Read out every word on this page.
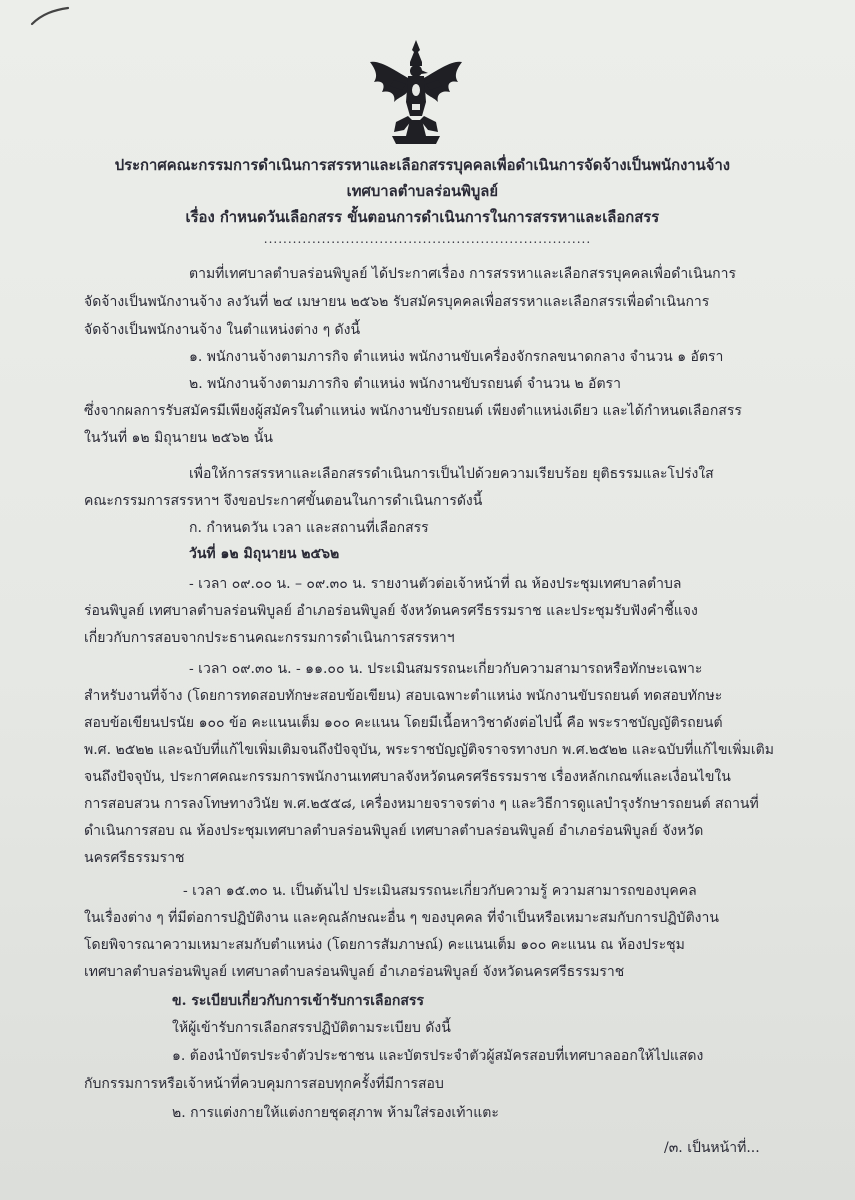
ประกาศคณะกรรมการดำเนินการสรรหาและเลือกสรรบุคคลเพื่อดำเนินการจัดจ้างเป็นพนักงานจ้าง
เทศบาลตำบลร่อนพิบูลย์
เรื่อง กำหนดวันเลือกสรร ขั้นตอนการดำเนินการในการสรรหาและเลือกสรร
....................................................................
ตามที่เทศบาลตำบลร่อนพิบูลย์ ได้ประกาศเรื่อง การสรรหาและเลือกสรรบุคคลเพื่อดำเนินการ
จัดจ้างเป็นพนักงานจ้าง ลงวันที่ ๒๔ เมษายน ๒๕๖๒ รับสมัครบุคคลเพื่อสรรหาและเลือกสรรเพื่อดำเนินการ
จัดจ้างเป็นพนักงานจ้าง ในตำแหน่งต่าง ๆ ดังนี้
๑. พนักงานจ้างตามภารกิจ ตำแหน่ง พนักงานขับเครื่องจักรกลขนาดกลาง จำนวน ๑ อัตรา
๒. พนักงานจ้างตามภารกิจ ตำแหน่ง พนักงานขับรถยนต์ จำนวน ๒ อัตรา
ซึ่งจากผลการรับสมัครมีเพียงผู้สมัครในตำแหน่ง พนักงานขับรถยนต์ เพียงตำแหน่งเดียว และได้กำหนดเลือกสรร
ในวันที่ ๑๒ มิถุนายน ๒๕๖๒ นั้น
เพื่อให้การสรรหาและเลือกสรรดำเนินการเป็นไปด้วยความเรียบร้อย ยุติธรรมและโปร่งใส
คณะกรรมการสรรหาฯ จึงขอประกาศขั้นตอนในการดำเนินการดังนี้
ก. กำหนดวัน เวลา และสถานที่เลือกสรร
วันที่ ๑๒ มิถุนายน ๒๕๖๒
- เวลา ๐๙.๐๐ น. – ๐๙.๓๐ น. รายงานตัวต่อเจ้าหน้าที่ ณ ห้องประชุมเทศบาลตำบล
ร่อนพิบูลย์ เทศบาลตำบลร่อนพิบูลย์ อำเภอร่อนพิบูลย์ จังหวัดนครศรีธรรมราช และประชุมรับฟังคำชี้แจง
เกี่ยวกับการสอบจากประธานคณะกรรมการดำเนินการสรรหาฯ
- เวลา ๐๙.๓๐ น. - ๑๑.๐๐ น. ประเมินสมรรถนะเกี่ยวกับความสามารถหรือทักษะเฉพาะ
สำหรับงานที่จ้าง (โดยการทดสอบทักษะสอบข้อเขียน) สอบเฉพาะตำแหน่ง พนักงานขับรถยนต์ ทดสอบทักษะ
สอบข้อเขียนปรนัย ๑๐๐ ข้อ คะแนนเต็ม ๑๐๐ คะแนน โดยมีเนื้อหาวิชาดังต่อไปนี้ คือ พระราชบัญญัติรถยนต์
พ.ศ. ๒๕๒๒ และฉบับที่แก้ไขเพิ่มเติมจนถึงปัจจุบัน, พระราชบัญญัติจราจรทางบก พ.ศ.๒๕๒๒ และฉบับที่แก้ไขเพิ่มเติม
จนถึงปัจจุบัน, ประกาศคณะกรรมการพนักงานเทศบาลจังหวัดนครศรีธรรมราช เรื่องหลักเกณฑ์และเงื่อนไขใน
การสอบสวน การลงโทษทางวินัย พ.ศ.๒๕๕๘, เครื่องหมายจราจรต่าง ๆ และวิธีการดูแลบำรุงรักษารถยนต์ สถานที่
ดำเนินการสอบ ณ ห้องประชุมเทศบาลตำบลร่อนพิบูลย์ เทศบาลตำบลร่อนพิบูลย์ อำเภอร่อนพิบูลย์ จังหวัด
นครศรีธรรมราช
- เวลา ๑๕.๓๐ น. เป็นต้นไป ประเมินสมรรถนะเกี่ยวกับความรู้ ความสามารถของบุคคล
ในเรื่องต่าง ๆ ที่มีต่อการปฏิบัติงาน และคุณลักษณะอื่น ๆ ของบุคคล ที่จำเป็นหรือเหมาะสมกับการปฏิบัติงาน
โดยพิจารณาความเหมาะสมกับตำแหน่ง (โดยการสัมภาษณ์) คะแนนเต็ม ๑๐๐ คะแนน ณ ห้องประชุม
เทศบาลตำบลร่อนพิบูลย์ เทศบาลตำบลร่อนพิบูลย์ อำเภอร่อนพิบูลย์ จังหวัดนครศรีธรรมราช
ข. ระเบียบเกี่ยวกับการเข้ารับการเลือกสรร
ให้ผู้เข้ารับการเลือกสรรปฏิบัติตามระเบียบ ดังนี้
๑. ต้องนำบัตรประจำตัวประชาชน และบัตรประจำตัวผู้สมัครสอบที่เทศบาลออกให้ไปแสดง
กับกรรมการหรือเจ้าหน้าที่ควบคุมการสอบทุกครั้งที่มีการสอบ
๒. การแต่งกายให้แต่งกายชุดสุภาพ ห้ามใส่รองเท้าแตะ
/๓. เป็นหน้าที่...
